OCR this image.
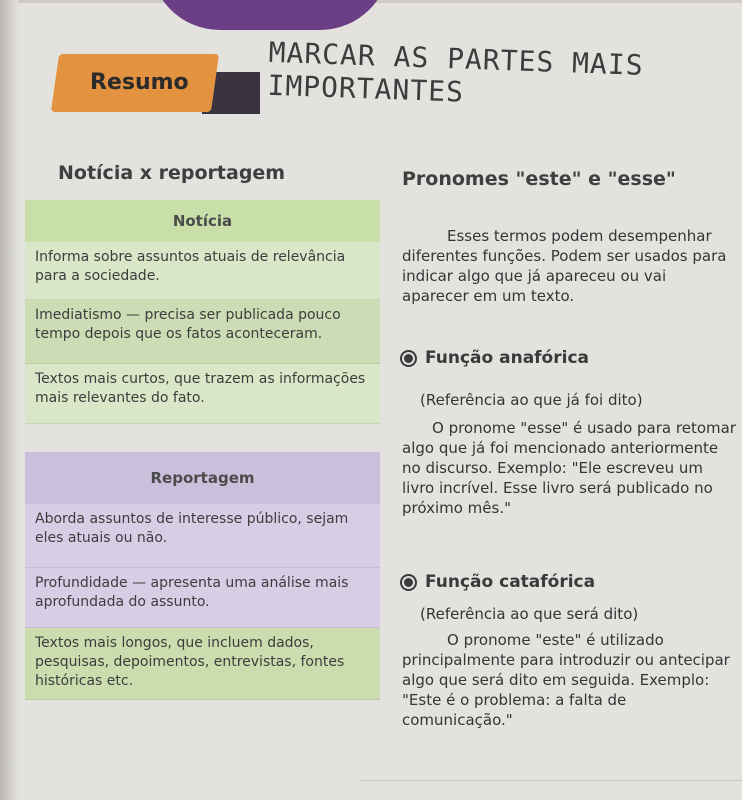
Resumo
MARCAR AS PARTES MAIS IMPORTANTES
Notícia x reportagem	Pronomes "este" e "esse"
Notícia
Informa sobre assuntos atuais de relevância para a sociedade.
Imediatismo — precisa ser publicada pouco tempo depois que os fatos aconteceram.
Textos mais curtos, que trazem as informações mais relevantes do fato.
Reportagem
Aborda assuntos de interesse público, sejam eles atuais ou não.
Profundidade — apresenta uma análise mais aprofundada do assunto.
Textos mais longos, que incluem dados, pesquisas, depoimentos, entrevistas, fontes históricas etc.
Esses termos podem desempenhar diferentes funções. Podem ser usados para indicar algo que já apareceu ou vai aparecer em um texto.
Função anafórica
(Referência ao que já foi dito)
O pronome "esse" é usado para retomar algo que já foi mencionado anteriormente no discurso. Exemplo: "Ele escreveu um livro incrível. Esse livro será publicado no próximo mês."
Função catafórica
(Referência ao que será dito)
O pronome "este" é utilizado principalmente para introduzir ou antecipar algo que será dito em seguida. Exemplo: "Este é o problema: a falta de comunicação."
